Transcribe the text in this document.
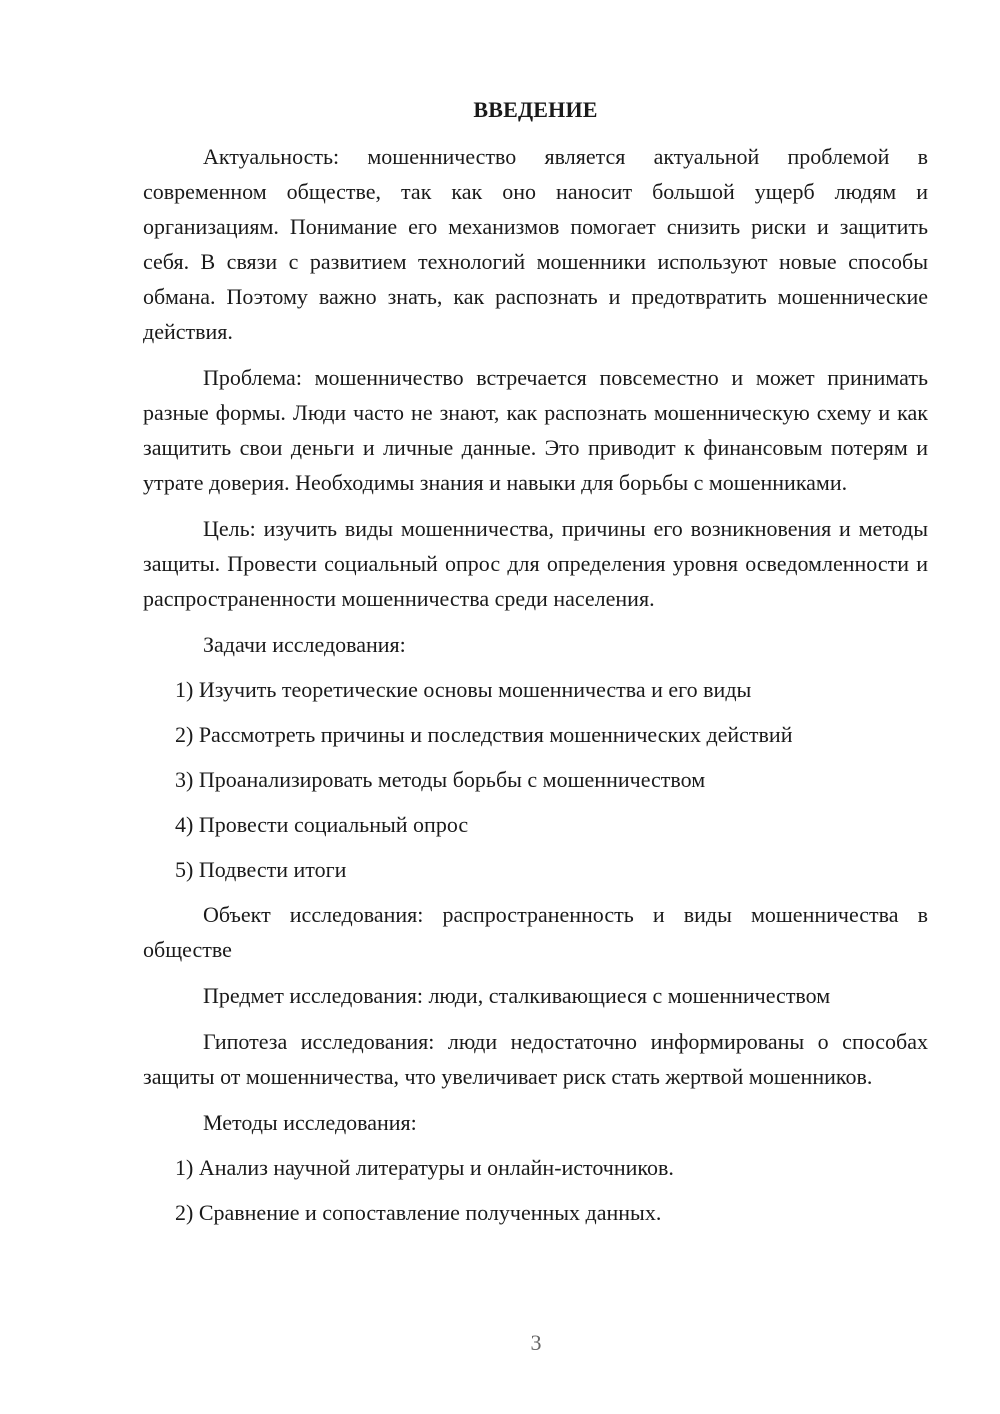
ВВЕДЕНИЕ

Актуальность: мошенничество является актуальной проблемой в современном обществе, так как оно наносит большой ущерб людям и организациям. Понимание его механизмов помогает снизить риски и защитить себя. В связи с развитием технологий мошенники используют новые способы обмана. Поэтому важно знать, как распознать и предотвратить мошеннические действия.

Проблема: мошенничество встречается повсеместно и может принимать разные формы. Люди часто не знают, как распознать мошенническую схему и как защитить свои деньги и личные данные. Это приводит к финансовым потерям и утрате доверия. Необходимы знания и навыки для борьбы с мошенниками.

Цель: изучить виды мошенничества, причины его возникновения и методы защиты. Провести социальный опрос для определения уровня осведомленности и распространенности мошенничества среди населения.

Задачи исследования:

1) Изучить теоретические основы мошенничества и его виды
2) Рассмотреть причины и последствия мошеннических действий
3) Проанализировать методы борьбы с мошенничеством
4) Провести социальный опрос
5) Подвести итоги

Объект исследования: распространенность и виды мошенничества в обществе

Предмет исследования: люди, сталкивающиеся с мошенничеством

Гипотеза исследования: люди недостаточно информированы о способах защиты от мошенничества, что увеличивает риск стать жертвой мошенников.

Методы исследования:

1) Анализ научной литературы и онлайн-источников.
2) Сравнение и сопоставление полученных данных.
3
